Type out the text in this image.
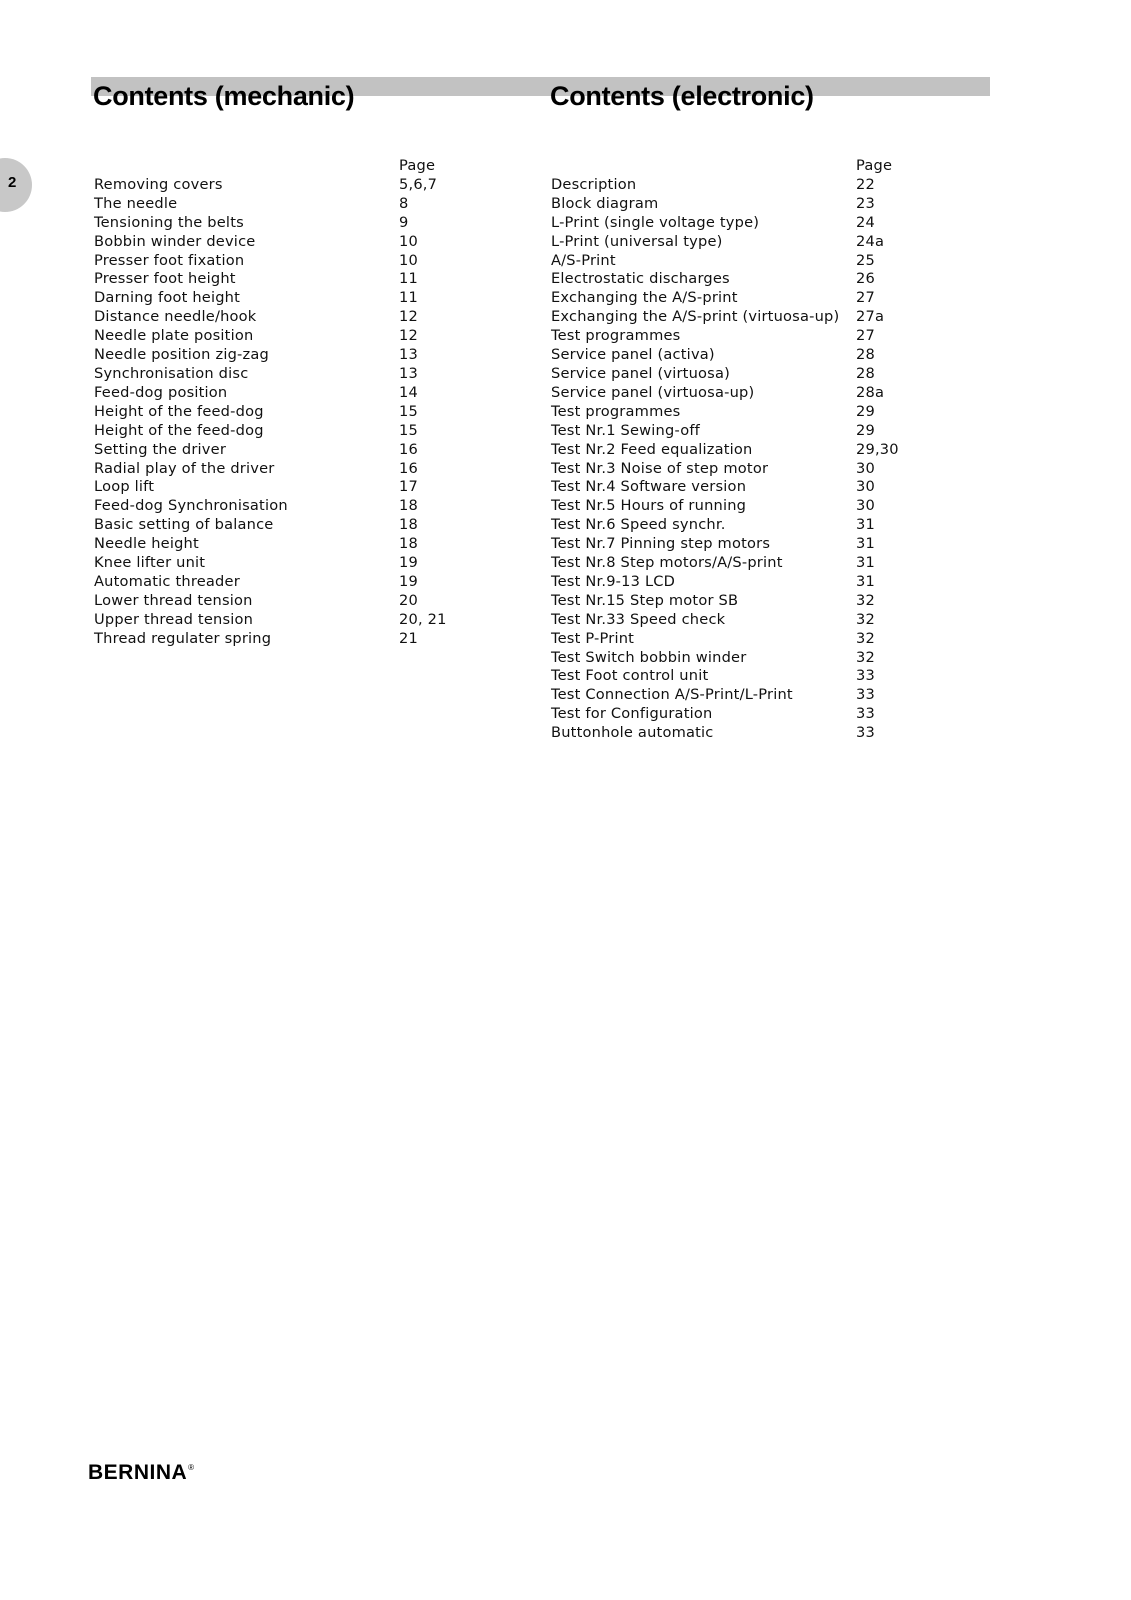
Contents (mechanic)	Contents (electronic)
2
Page
Removing covers	5,6,7
The needle	8
Tensioning the belts	9
Bobbin winder device	10
Presser foot fixation	10
Presser foot height	11
Darning foot height	11
Distance needle/hook	12
Needle plate position	12
Needle position zig-zag	13
Synchronisation disc	13
Feed-dog position	14
Height of the feed-dog	15
Height of the feed-dog	15
Setting the driver	16
Radial play of the driver	16
Loop lift	17
Feed-dog Synchronisation	18
Basic setting of balance	18
Needle height	18
Knee lifter unit	19
Automatic threader	19
Lower thread tension	20
Upper thread tension	20, 21
Thread regulater spring	21
Page
Description	22
Block diagram	23
L-Print (single voltage type)	24
L-Print (universal type)	24a
A/S-Print	25
Electrostatic discharges	26
Exchanging the A/S-print	27
Exchanging the A/S-print (virtuosa-up)	27a
Test programmes	27
Service panel (activa)	28
Service panel (virtuosa)	28
Service panel (virtuosa-up)	28a
Test programmes	29
Test Nr.1 Sewing-off	29
Test Nr.2 Feed equalization	29,30
Test Nr.3 Noise of step motor	30
Test Nr.4 Software version	30
Test Nr.5 Hours of running	30
Test Nr.6 Speed synchr.	31
Test Nr.7 Pinning step motors	31
Test Nr.8 Step motors/A/S-print	31
Test Nr.9-13 LCD	31
Test Nr.15 Step motor SB	32
Test Nr.33 Speed check	32
Test P-Print	32
Test Switch bobbin winder	32
Test Foot control unit	33
Test Connection A/S-Print/L-Print	33
Test for Configuration	33
Buttonhole automatic	33
BERNINA®
